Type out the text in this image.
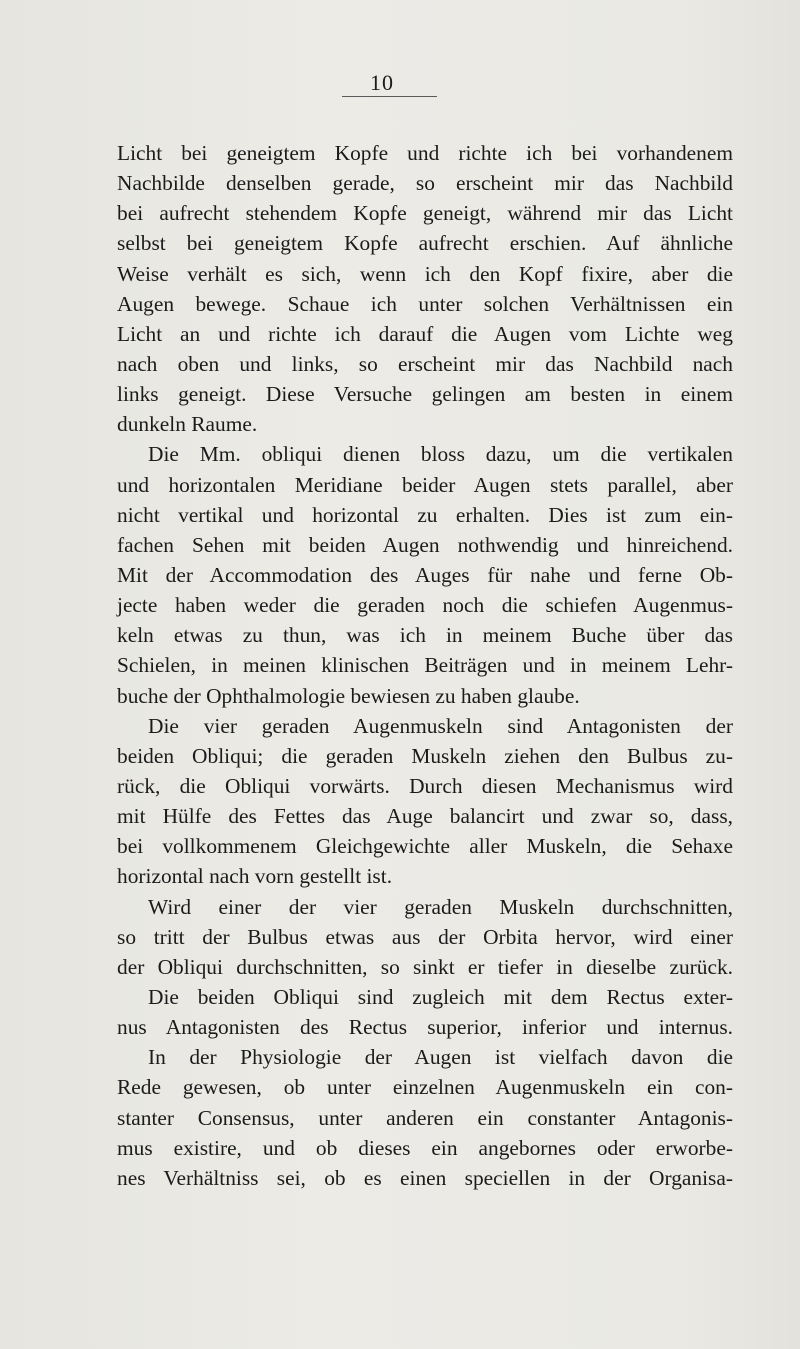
10
Licht bei geneigtem Kopfe und richte ich bei vorhandenem
Nachbilde denselben gerade, so erscheint mir das Nachbild
bei aufrecht stehendem Kopfe geneigt, während mir das Licht
selbst bei geneigtem Kopfe aufrecht erschien. Auf ähnliche
Weise verhält es sich, wenn ich den Kopf fixire, aber die
Augen bewege. Schaue ich unter solchen Verhältnissen ein
Licht an und richte ich darauf die Augen vom Lichte weg
nach oben und links, so erscheint mir das Nachbild nach
links geneigt. Diese Versuche gelingen am besten in einem
dunkeln Raume.
Die Mm. obliqui dienen bloss dazu, um die vertikalen
und horizontalen Meridiane beider Augen stets parallel, aber
nicht vertikal und horizontal zu erhalten. Dies ist zum ein-
fachen Sehen mit beiden Augen nothwendig und hinreichend.
Mit der Accommodation des Auges für nahe und ferne Ob-
jecte haben weder die geraden noch die schiefen Augenmus-
keln etwas zu thun, was ich in meinem Buche über das
Schielen, in meinen klinischen Beiträgen und in meinem Lehr-
buche der Ophthalmologie bewiesen zu haben glaube.
Die vier geraden Augenmuskeln sind Antagonisten der
beiden Obliqui; die geraden Muskeln ziehen den Bulbus zu-
rück, die Obliqui vorwärts. Durch diesen Mechanismus wird
mit Hülfe des Fettes das Auge balancirt und zwar so, dass,
bei vollkommenem Gleichgewichte aller Muskeln, die Sehaxe
horizontal nach vorn gestellt ist.
Wird einer der vier geraden Muskeln durchschnitten,
so tritt der Bulbus etwas aus der Orbita hervor, wird einer
der Obliqui durchschnitten, so sinkt er tiefer in dieselbe zurück.
Die beiden Obliqui sind zugleich mit dem Rectus exter-
nus Antagonisten des Rectus superior, inferior und internus.
In der Physiologie der Augen ist vielfach davon die
Rede gewesen, ob unter einzelnen Augenmuskeln ein con-
stanter Consensus, unter anderen ein constanter Antagonis-
mus existire, und ob dieses ein angebornes oder erworbe-
nes Verhältniss sei, ob es einen speciellen in der Organisa-
